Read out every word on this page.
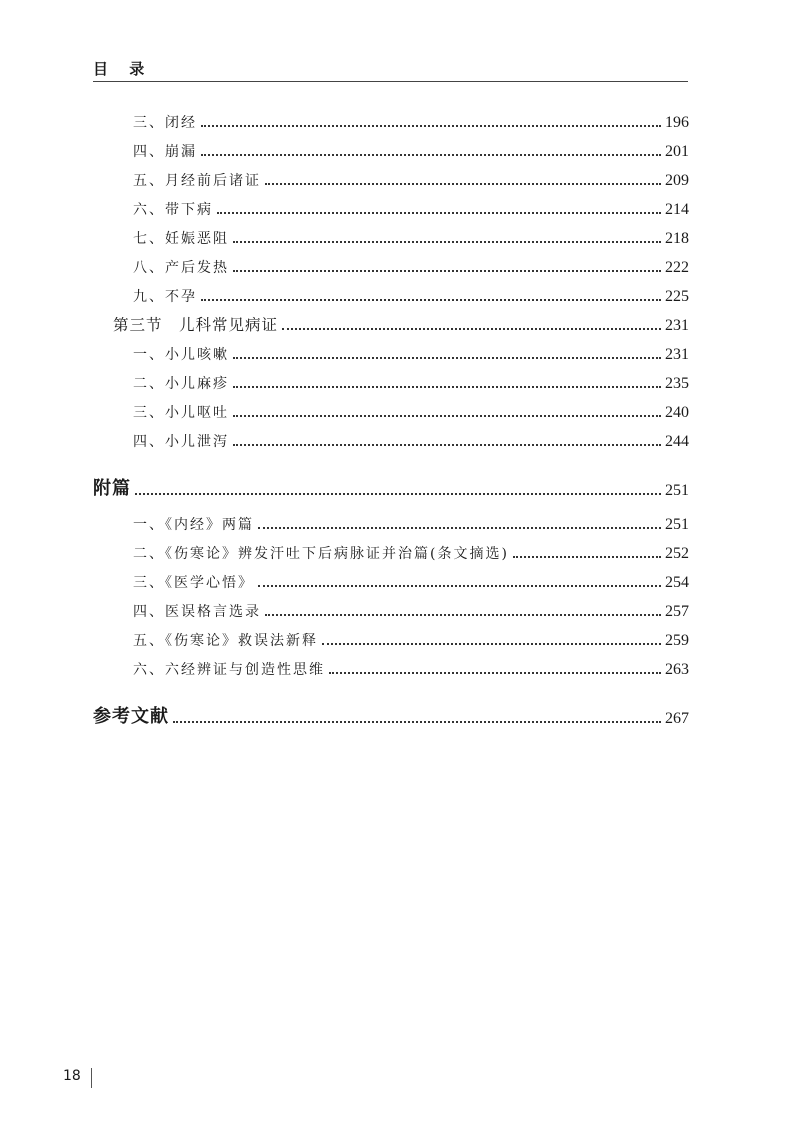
目 录
三、闭经	196
四、崩漏	201
五、月经前后诸证	209
六、带下病	214
七、妊娠恶阻	218
八、产后发热	222
九、不孕	225
第三节　儿科常见病证	231
一、小儿咳嗽	231
二、小儿麻疹	235
三、小儿呕吐	240
四、小儿泄泻	244
附篇	251
一、《内经》两篇	251
二、《伤寒论》辨发汗吐下后病脉证并治篇(条文摘选)	252
三、《医学心悟》	254
四、医误格言选录	257
五、《伤寒论》救误法新释	259
六、六经辨证与创造性思维	263
参考文献	267
18
